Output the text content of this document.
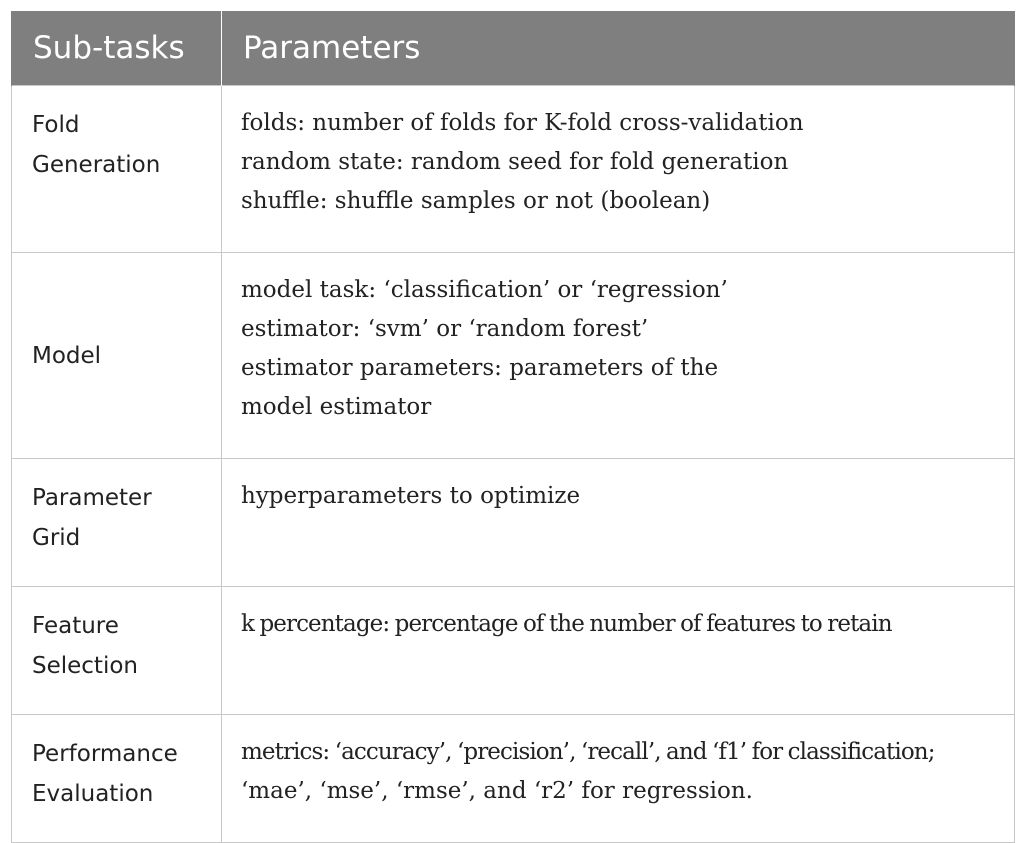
Sub-tasks	Parameters

Fold
Generation	folds: number of folds for K-fold cross-validation
random state: random seed for fold generation
shuffle: shuffle samples or not (boolean)

Model	model task: ‘classification’ or ‘regression’
estimator: ‘svm’ or ‘random forest’
estimator parameters: parameters of the
model estimator

Parameter
Grid	hyperparameters to optimize

Feature
Selection	k percentage: percentage of the number of features to retain

Performance
Evaluation	metrics: ‘accuracy’, ‘precision’, ‘recall’, and ‘f1’ for classification;
‘mae’, ‘mse’, ‘rmse’, and ‘r2’ for regression.
